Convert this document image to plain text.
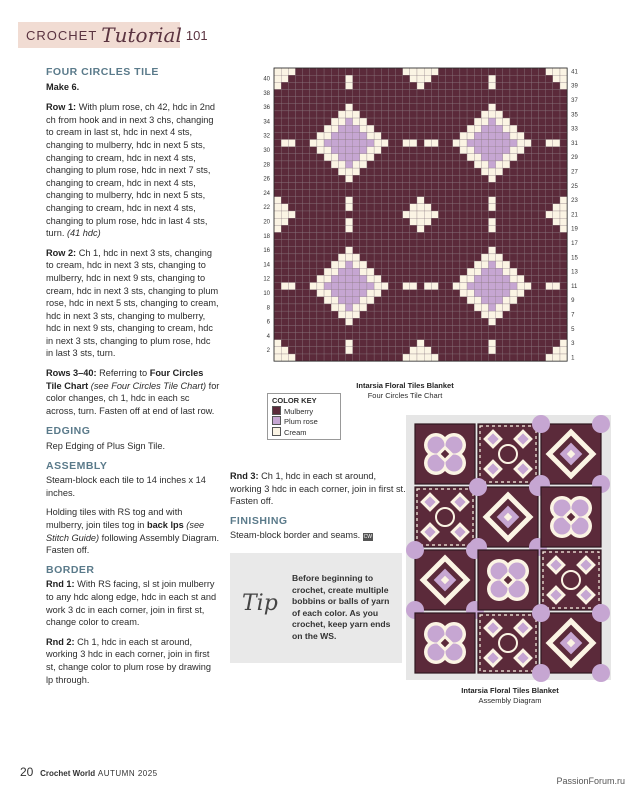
CROCHET Tutorial 101
FOUR CIRCLES TILE

Make 6.

Row 1: With plum rose, ch 42, hdc in 2nd ch from hook and in next 3 chs, changing to cream in last st, hdc in next 4 sts, changing to mulberry, hdc in next 5 sts, changing to cream, hdc in next 4 sts, changing to plum rose, hdc in next 7 sts, changing to cream, hdc in next 4 sts, changing to mulberry, hdc in next 5 sts, changing to cream, hdc in next 4 sts, changing to plum rose, hdc in last 4 sts, turn. (41 hdc)

Row 2: Ch 1, hdc in next 3 sts, changing to cream, hdc in next 3 sts, changing to mulberry, hdc in next 9 sts, changing to cream, hdc in next 3 sts, changing to plum rose, hdc in next 5 sts, changing to cream, hdc in next 3 sts, changing to mulberry, hdc in next 9 sts, changing to cream, hdc in next 3 sts, changing to plum rose, hdc in last 3 sts, turn.

Rows 3–40: Referring to Four Circles Tile Chart (see Four Circles Tile Chart) for color changes, ch 1, hdc in each sc across, turn. Fasten off at end of last row.

EDGING

Rep Edging of Plus Sign Tile.

ASSEMBLY

Steam-block each tile to 14 inches x 14 inches.

Holding tiles with RS tog and with mulberry, join tiles tog in back lps (see Stitch Guide) following Assembly Diagram. Fasten off.

BORDER

Rnd 1: With RS facing, sl st join mulberry to any hdc along edge, hdc in each st and work 3 dc in each corner, join in first st, change color to cream.

Rnd 2: Ch 1, hdc in each st around, working 3 hdc in each corner, join in first st, change color to plum rose by drawing lp through.

Rnd 3: Ch 1, hdc in each st around, working 3 hdc in each corner, join in first st. Fasten off.

FINISHING

Steam-block border and seams. CW

Tip
Before beginning to crochet, create multiple bobbins or balls of yarn of each color. As you crochet, keep yarn ends on the WS.
40
38
36
34
32
30
28
26
24
22
20
18
16
14
12
10
8
6
4
2
41
39
37
35
33
31
29
27
25
23
21
19
17
15
13
11
9
7
5
3
1
Intarsia Floral Tiles Blanket
Four Circles Tile Chart
COLOR KEY
Mulberry
Plum rose
Cream
Intarsia Floral Tiles Blanket
Assembly Diagram
20 Crochet World AUTUMN 2025
PassionForum.ru
